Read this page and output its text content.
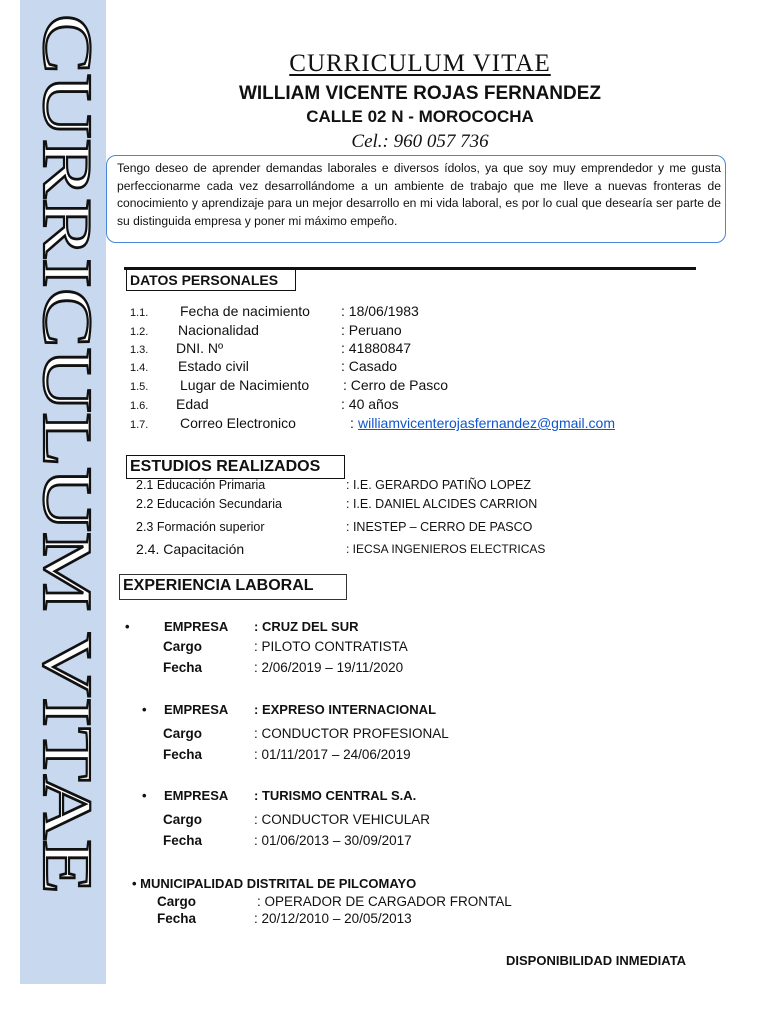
CURRICULUM VITAE	CURRICULUM VITAE
WILLIAM VICENTE ROJAS FERNANDEZ
CALLE 02 N - MOROCOCHA
Cel.: 960 057 736
Tengo deseo de aprender demandas laborales e diversos ídolos, ya que soy muy emprendedor y me gusta perfeccionarme cada vez desarrollándome a un ambiente de trabajo que me lleve a nuevas fronteras de conocimiento y aprendizaje para un mejor desarrollo en mi vida laboral, es por lo cual que desearía ser parte de su distinguida empresa y poner mi máximo empeño.
DATOS PERSONALES
1.1. Fecha de nacimiento : 18/06/1983
1.2. Nacionalidad	: Peruano
1.3. DNI. Nº	: 41880847
1.4. Estado civil	: Casado
1.5. Lugar de Nacimiento : Cerro de Pasco
1.6. Edad	: 40 años
1.7. Correo Electronico	: williamvicenterojasfernandez@gmail.com
ESTUDIOS REALIZADOS
2.1 Educación Primaria	: I.E. GERARDO PATIÑO LOPEZ
2.2 Educación Secundaria	: I.E. DANIEL ALCIDES CARRION
2.3 Formación superior	: INESTEP – CERRO DE PASCO
2.4. Capacitación	: IECSA INGENIEROS ELECTRICAS
EXPERIENCIA LABORAL
•	EMPRESA : CRUZ DEL SUR
Cargo	: PILOTO CONTRATISTA
Fecha	: 2/06/2019 – 19/11/2020
• EMPRESA : EXPRESO INTERNACIONAL
Cargo	: CONDUCTOR PROFESIONAL
Fecha	: 01/11/2017 – 24/06/2019
• EMPRESA : TURISMO CENTRAL S.A.
Cargo	: CONDUCTOR VEHICULAR
Fecha	: 01/06/2013 – 30/09/2017
• MUNICIPALIDAD DISTRITAL DE PILCOMAYO
Cargo	: OPERADOR DE CARGADOR FRONTAL
Fecha	: 20/12/2010 – 20/05/2013
DISPONIBILIDAD INMEDIATA
